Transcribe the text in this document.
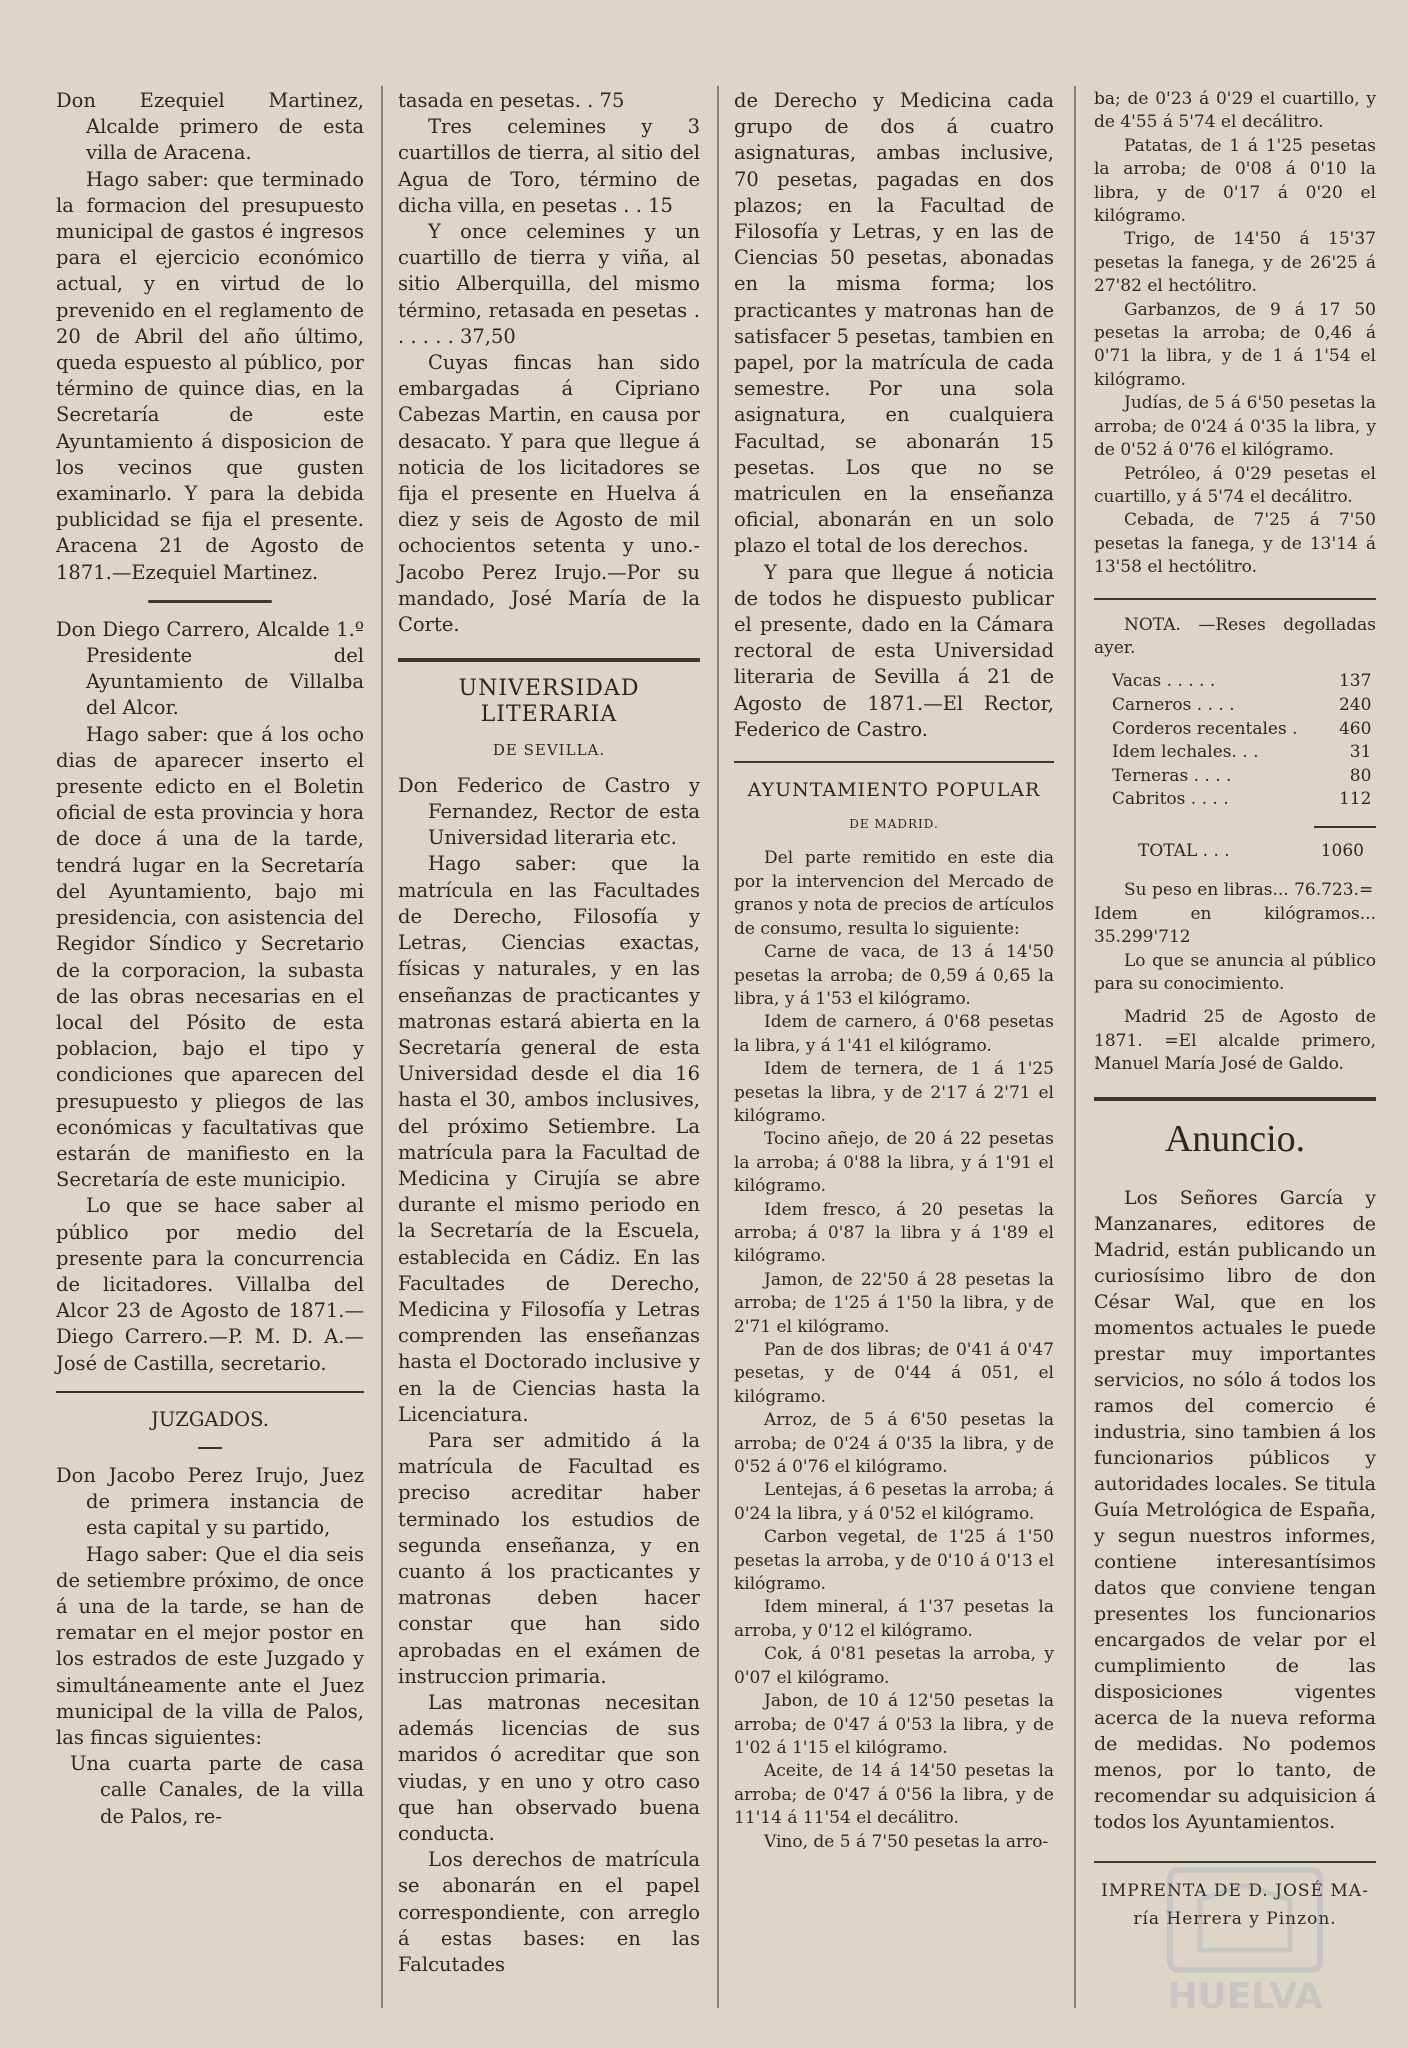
Don Ezequiel Martinez, Alcalde primero de esta villa de Aracena.

Hago saber: que terminado la formacion del presupuesto municipal de gastos é ingresos para el ejercicio económico actual, y en virtud de lo prevenido en el reglamento de 20 de Abril del año último, queda espuesto al público, por término de quince dias, en la Secretaría de este Ayuntamiento á disposicion de los vecinos que gusten examinarlo. Y para la debida publicidad se fija el presente. Aracena 21 de Agosto de 1871.—Ezequiel Martinez.

Don Diego Carrero, Alcalde 1.º Presidente del Ayuntamiento de Villalba del Alcor.

Hago saber: que á los ocho dias de aparecer inserto el presente edicto en el Boletin oficial de esta provincia y hora de doce á una de la tarde, tendrá lugar en la Secretaría del Ayuntamiento, bajo mi presidencia, con asistencia del Regidor Síndico y Secretario de la corporacion, la subasta de las obras necesarias en el local del Pósito de esta poblacion, bajo el tipo y condiciones que aparecen del presupuesto y pliegos de las económicas y facultativas que estarán de manifiesto en la Secretaría de este municipio.

Lo que se hace saber al público por medio del presente para la concurrencia de licitadores. Villalba del Alcor 23 de Agosto de 1871.—Diego Carrero.—P. M. D. A.—José de Castilla, secretario.

JUZGADOS.

Don Jacobo Perez Irujo, Juez de primera instancia de esta capital y su partido,

Hago saber: Que el dia seis de setiembre próximo, de once á una de la tarde, se han de rematar en el mejor postor en los estrados de este Juzgado y simultáneamente ante el Juez municipal de la villa de Palos, las fincas siguientes:

Una cuarta parte de casa calle Canales, de la villa de Palos, re-

tasada en pesetas. . 75

Tres celemines y 3 cuartillos de tierra, al sitio del Agua de Toro, término de dicha villa, en pesetas . . 15

Y once celemines y un cuartillo de tierra y viña, al sitio Alberquilla, del mismo término, retasada en pesetas . . . . . . 37,50

Cuyas fincas han sido embargadas á Cipriano Cabezas Martin, en causa por desacato. Y para que llegue á noticia de los licitadores se fija el presente en Huelva á diez y seis de Agosto de mil ochocientos setenta y uno.-Jacobo Perez Irujo.—Por su mandado, José María de la Corte.

UNIVERSIDAD LITERARIA

DE SEVILLA.

Don Federico de Castro y Fernandez, Rector de esta Universidad literaria etc.

Hago saber: que la matrícula en las Facultades de Derecho, Filosofía y Letras, Ciencias exactas, físicas y naturales, y en las enseñanzas de practicantes y matronas estará abierta en la Secretaría general de esta Universidad desde el dia 16 hasta el 30, ambos inclusives, del próximo Setiembre. La matrícula para la Facultad de Medicina y Cirujía se abre durante el mismo periodo en la Secretaría de la Escuela, establecida en Cádiz. En las Facultades de Derecho, Medicina y Filosofía y Letras comprenden las enseñanzas hasta el Doctorado inclusive y en la de Ciencias hasta la Licenciatura.

Para ser admitido á la matrícula de Facultad es preciso acreditar haber terminado los estudios de segunda enseñanza, y en cuanto á los practicantes y matronas deben hacer constar que han sido aprobadas en el exámen de instruccion primaria.

Las matronas necesitan además licencias de sus maridos ó acreditar que son viudas, y en uno y otro caso que han observado buena conducta.

Los derechos de matrícula se abonarán en el papel correspondiente, con arreglo á estas bases: en las Falcutades

de Derecho y Medicina cada grupo de dos á cuatro asignaturas, ambas inclusive, 70 pesetas, pagadas en dos plazos; en la Facultad de Filosofía y Letras, y en las de Ciencias 50 pesetas, abonadas en la misma forma; los practicantes y matronas han de satisfacer 5 pesetas, tambien en papel, por la matrícula de cada semestre. Por una sola asignatura, en cualquiera Facultad, se abonarán 15 pesetas. Los que no se matriculen en la enseñanza oficial, abonarán en un solo plazo el total de los derechos.

Y para que llegue á noticia de todos he dispuesto publicar el presente, dado en la Cámara rectoral de esta Universidad literaria de Sevilla á 21 de Agosto de 1871.—El Rector, Federico de Castro.

AYUNTAMIENTO POPULAR

DE MADRID.

Del parte remitido en este dia por la intervencion del Mercado de granos y nota de precios de artículos de consumo, resulta lo siguiente:

Carne de vaca, de 13 á 14'50 pesetas la arroba; de 0,59 á 0,65 la libra, y á 1'53 el kilógramo.

Idem de carnero, á 0'68 pesetas la libra, y á 1'41 el kilógramo.

Idem de ternera, de 1 á 1'25 pesetas la libra, y de 2'17 á 2'71 el kilógramo.

Tocino añejo, de 20 á 22 pesetas la arroba; á 0'88 la libra, y á 1'91 el kilógramo.

Idem fresco, á 20 pesetas la arroba; á 0'87 la libra y á 1'89 el kilógramo.

Jamon, de 22'50 á 28 pesetas la arroba; de 1'25 á 1'50 la libra, y de 2'71 el kilógramo.

Pan de dos libras; de 0'41 á 0'47 pesetas, y de 0'44 á 051, el kilógramo.

Arroz, de 5 á 6'50 pesetas la arroba; de 0'24 á 0'35 la libra, y de 0'52 á 0'76 el kilógramo.

Lentejas, á 6 pesetas la arroba; á 0'24 la libra, y á 0'52 el kilógramo.

Carbon vegetal, de 1'25 á 1'50 pesetas la arroba, y de 0'10 á 0'13 el kilógramo.

Idem mineral, á 1'37 pesetas la arroba, y 0'12 el kilógramo.

Cok, á 0'81 pesetas la arroba, y 0'07 el kilógramo.

Jabon, de 10 á 12'50 pesetas la arroba; de 0'47 á 0'53 la libra, y de 1'02 á 1'15 el kilógramo.

Aceite, de 14 á 14'50 pesetas la arroba; de 0'47 á 0'56 la libra, y de 11'14 á 11'54 el decálitro.

Vino, de 5 á 7'50 pesetas la arro-

ba; de 0'23 á 0'29 el cuartillo, y de 4'55 á 5'74 el decálitro.

Patatas, de 1 á 1'25 pesetas la arroba; de 0'08 á 0'10 la libra, y de 0'17 á 0'20 el kilógramo.

Trigo, de 14'50 á 15'37 pesetas la fanega, y de 26'25 á 27'82 el hectólitro.

Garbanzos, de 9 á 17 50 pesetas la arroba; de 0,46 á 0'71 la libra, y de 1 á 1'54 el kilógramo.

Judías, de 5 á 6'50 pesetas la arroba; de 0'24 á 0'35 la libra, y de 0'52 á 0'76 el kilógramo.

Petróleo, á 0'29 pesetas el cuartillo, y á 5'74 el decálitro.

Cebada, de 7'25 á 7'50 pesetas la fanega, y de 13'14 á 13'58 el hectólitro.

NOTA. —Reses degolladas ayer.

Vacas . . . . .	137
Carneros . . . .	240
Corderos recentales .	460
Idem lechales. . .	31
Terneras . . . .	80
Cabritos . . . .	112
TOTAL . . .	1060

Su peso en libras... 76.723.=

Idem en kilógramos... 35.299'712

Lo que se anuncia al público para su conocimiento.

Madrid 25 de Agosto de 1871. =El alcalde primero, Manuel María José de Galdo.

Anuncio.

Los Señores García y Manzanares, editores de Madrid, están publicando un curiosísimo libro de don César Wal, que en los momentos actuales le puede prestar muy importantes servicios, no sólo á todos los ramos del comercio é industria, sino tambien á los funcionarios públicos y autoridades locales. Se titula Guía Metrológica de España, y segun nuestros informes, contiene interesantísimos datos que conviene tengan presentes los funcionarios encargados de velar por el cumplimiento de las disposiciones vigentes acerca de la nueva reforma de medidas. No podemos menos, por lo tanto, de recomendar su adquisicion á todos los Ayuntamientos.

IMPRENTA DE D. JOSÉ MA-

ría Herrera y Pinzon.

HUELVA
